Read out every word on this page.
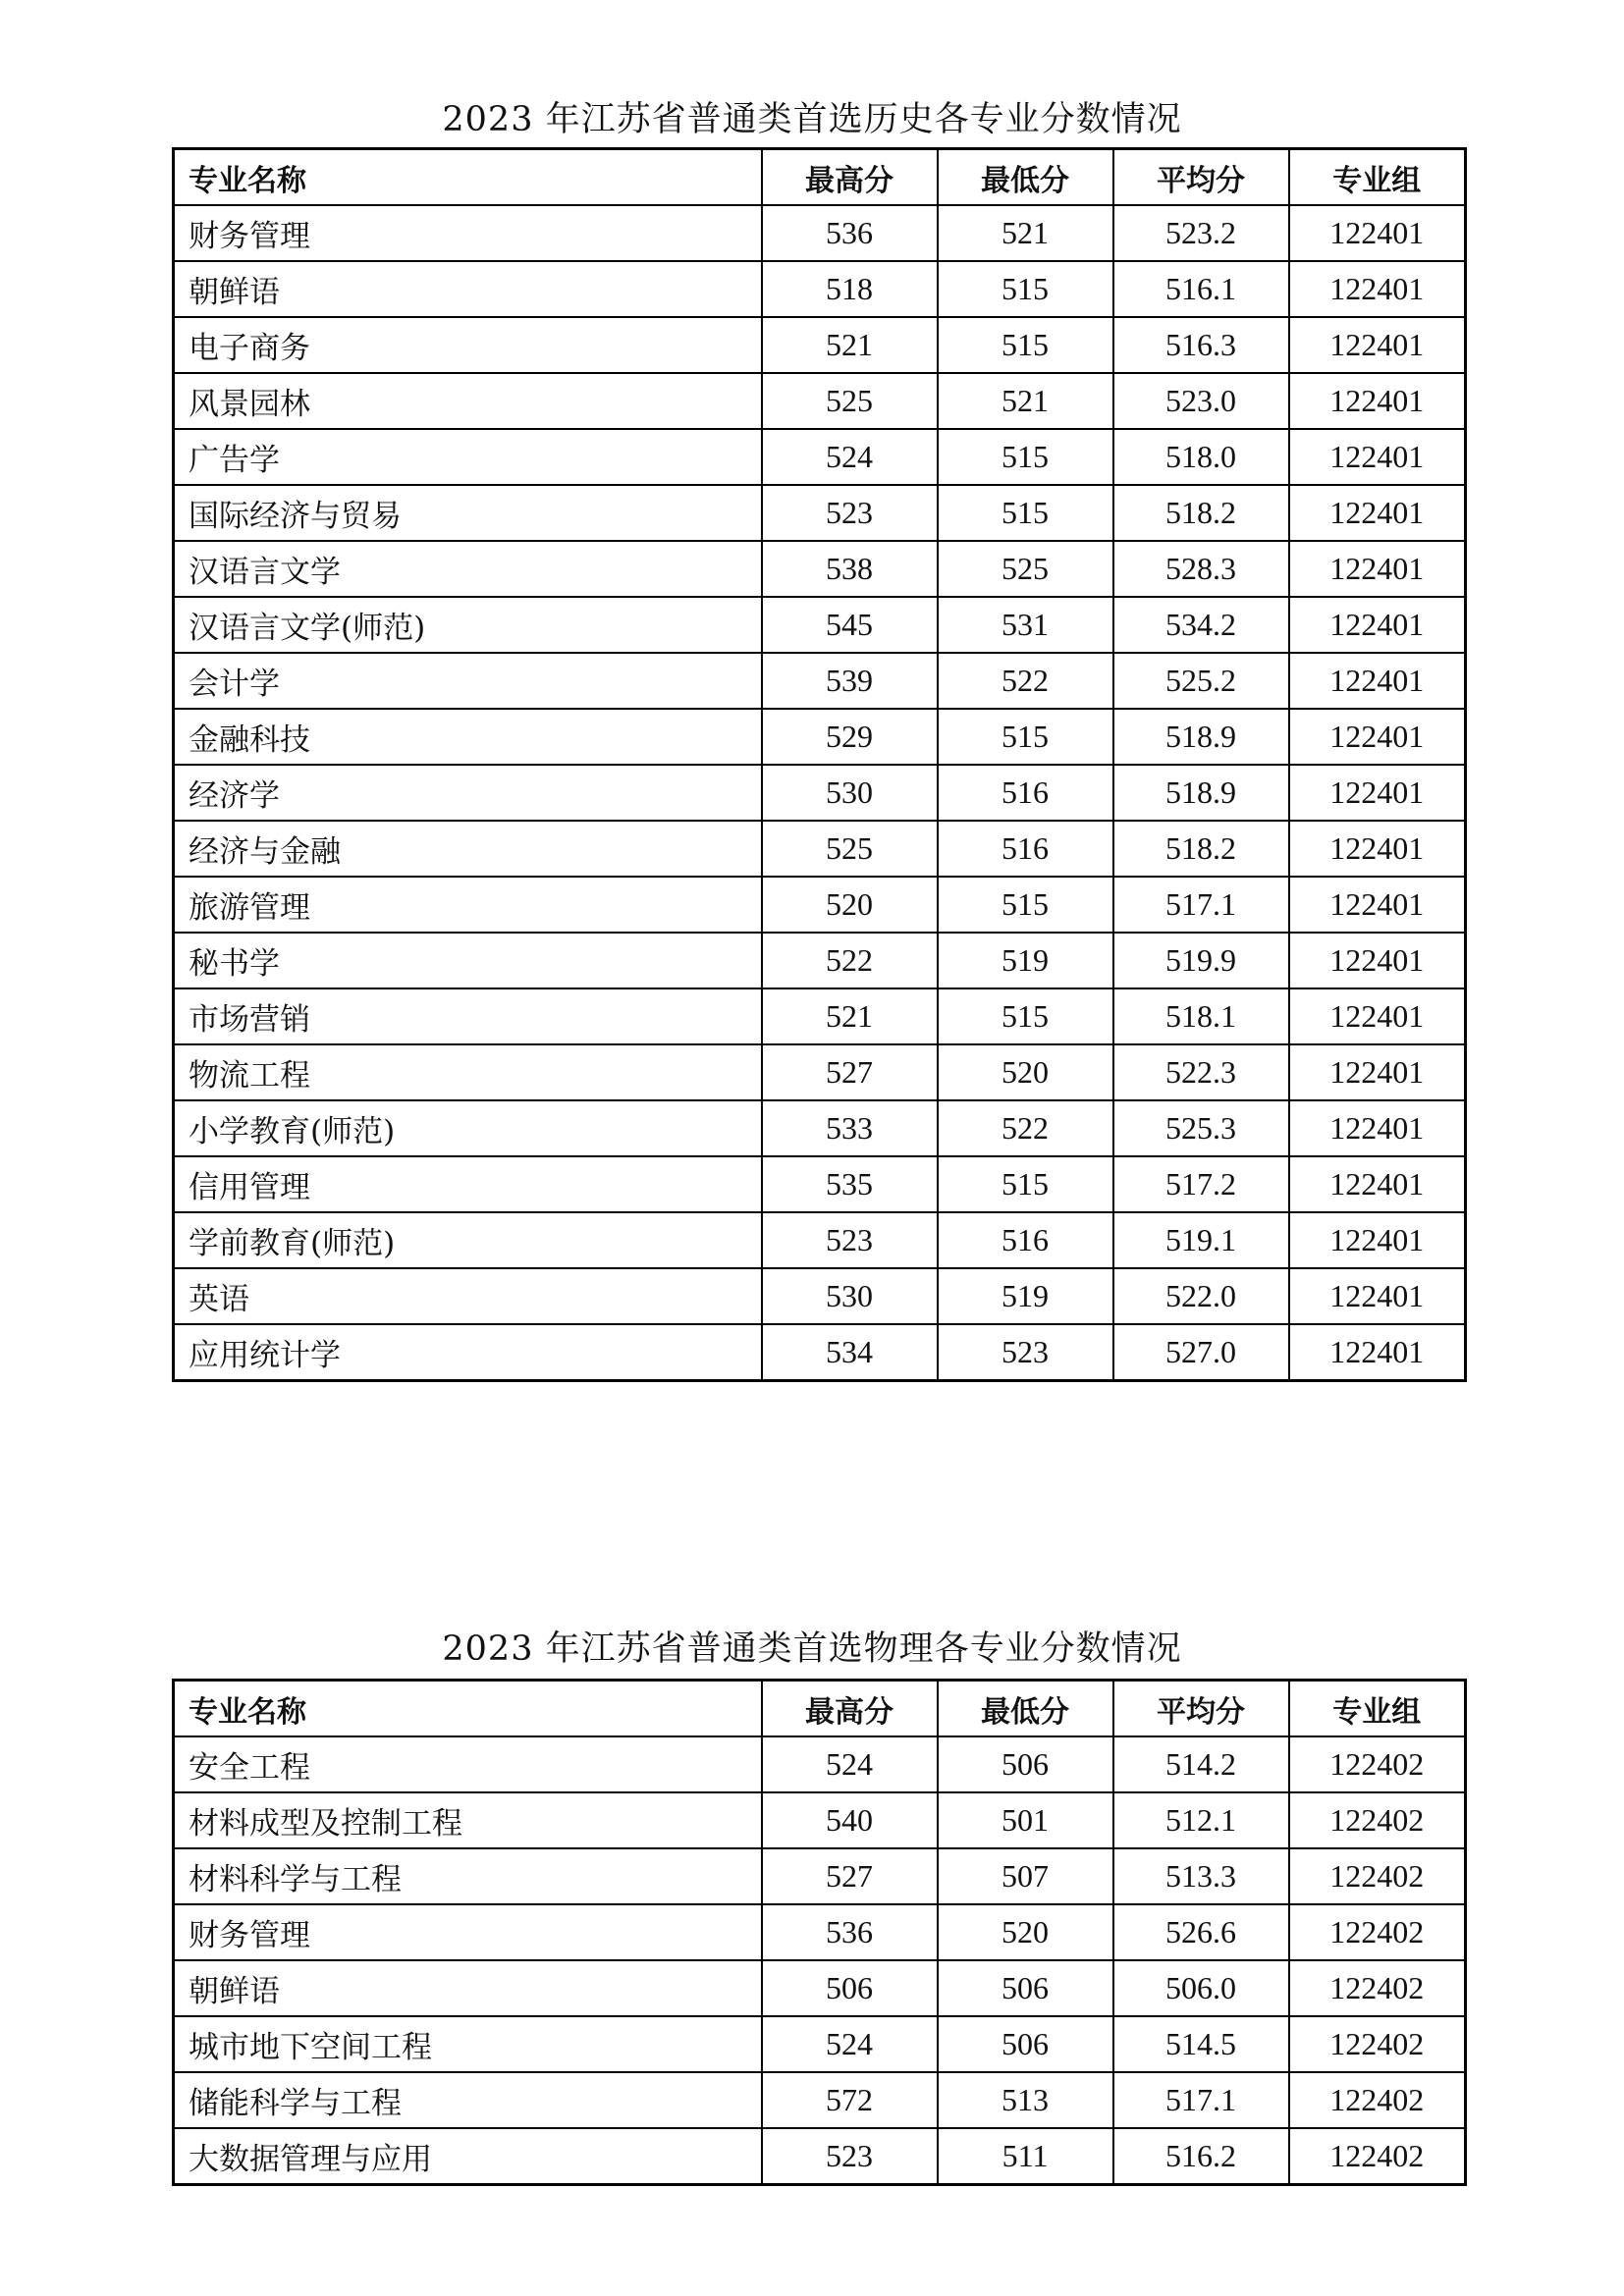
2023 年江苏省普通类首选历史各专业分数情况
专业名称	最高分	最低分	平均分	专业组
财务管理	536	521	523.2	122401
朝鲜语	518	515	516.1	122401
电子商务	521	515	516.3	122401
风景园林	525	521	523.0	122401
广告学	524	515	518.0	122401
国际经济与贸易	523	515	518.2	122401
汉语言文学	538	525	528.3	122401
汉语言文学(师范)	545	531	534.2	122401
会计学	539	522	525.2	122401
金融科技	529	515	518.9	122401
经济学	530	516	518.9	122401
经济与金融	525	516	518.2	122401
旅游管理	520	515	517.1	122401
秘书学	522	519	519.9	122401
市场营销	521	515	518.1	122401
物流工程	527	520	522.3	122401
小学教育(师范)	533	522	525.3	122401
信用管理	535	515	517.2	122401
学前教育(师范)	523	516	519.1	122401
英语	530	519	522.0	122401
应用统计学	534	523	527.0	122401
2023 年江苏省普通类首选物理各专业分数情况
专业名称	最高分	最低分	平均分	专业组
安全工程	524	506	514.2	122402
材料成型及控制工程	540	501	512.1	122402
材料科学与工程	527	507	513.3	122402
财务管理	536	520	526.6	122402
朝鲜语	506	506	506.0	122402
城市地下空间工程	524	506	514.5	122402
储能科学与工程	572	513	517.1	122402
大数据管理与应用	523	511	516.2	122402
